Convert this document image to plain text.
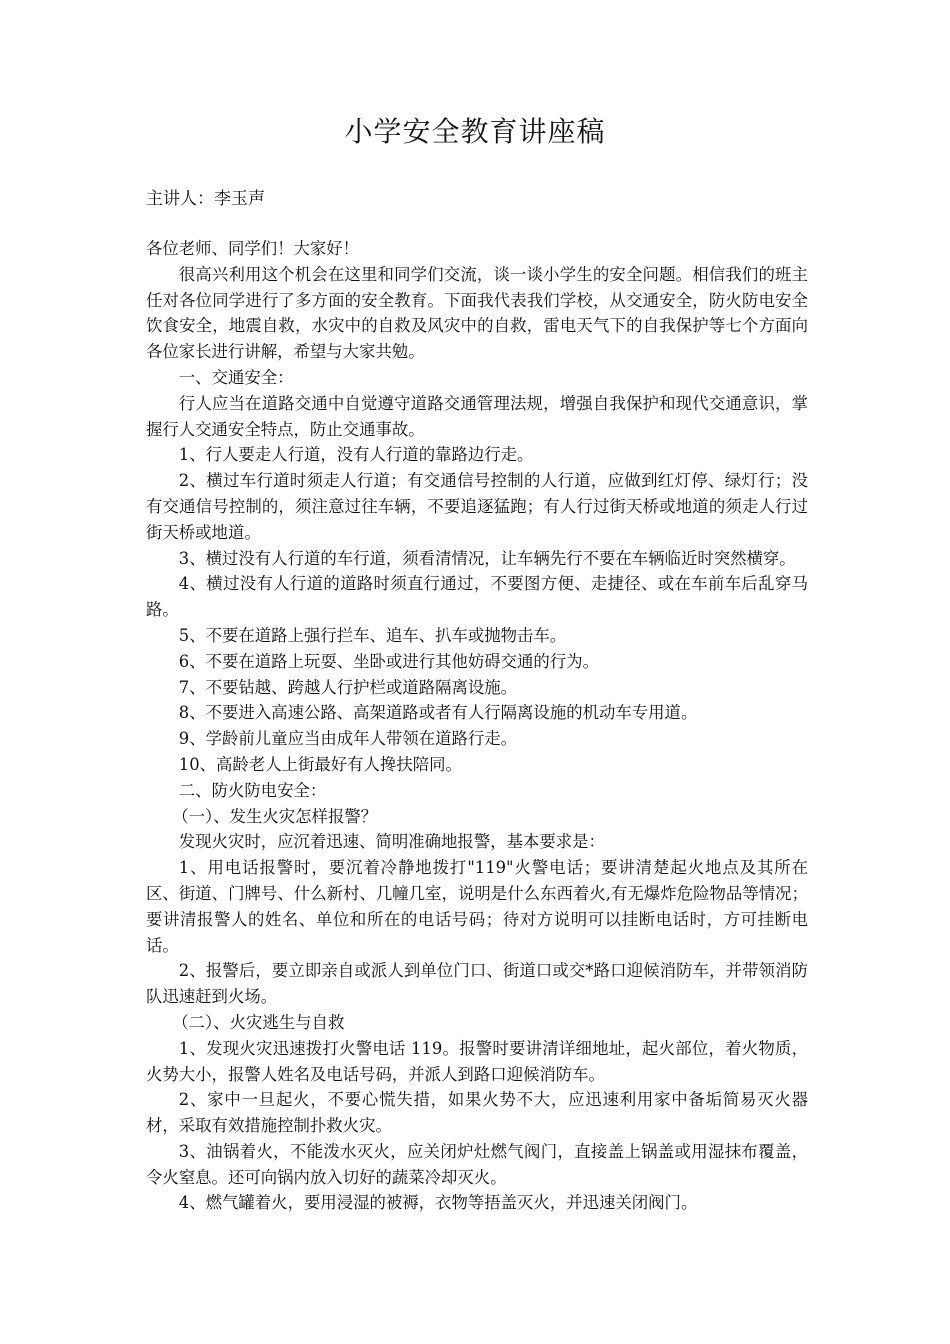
小学安全教育讲座稿
主讲人：李玉声

各位老师、同学们！大家好！

很高兴利用这个机会在这里和同学们交流，谈一谈小学生的安全问题。相信我们的班主任对各位同学进行了多方面的安全教育。下面我代表我们学校，从交通安全，防火防电安全饮食安全，地震自救，水灾中的自救及风灾中的自救，雷电天气下的自我保护等七个方面向各位家长进行讲解，希望与大家共勉。

一、交通安全：

行人应当在道路交通中自觉遵守道路交通管理法规，增强自我保护和现代交通意识，掌握行人交通安全特点，防止交通事故。

1、行人要走人行道，没有人行道的靠路边行走。

2、横过车行道时须走人行道；有交通信号控制的人行道，应做到红灯停、绿灯行；没有交通信号控制的，须注意过往车辆，不要追逐猛跑；有人行过街天桥或地道的须走人行过街天桥或地道。

3、横过没有人行道的车行道，须看清情况，让车辆先行不要在车辆临近时突然横穿。

4、横过没有人行道的道路时须直行通过，不要图方便、走捷径、或在车前车后乱穿马路。

5、不要在道路上强行拦车、追车、扒车或抛物击车。

6、不要在道路上玩耍、坐卧或进行其他妨碍交通的行为。

7、不要钻越、跨越人行护栏或道路隔离设施。

8、不要进入高速公路、高架道路或者有人行隔离设施的机动车专用道。

9、学龄前儿童应当由成年人带领在道路行走。

10、高龄老人上街最好有人搀扶陪同。

二、防火防电安全：

（一）、发生火灾怎样报警？

发现火灾时，应沉着迅速、简明准确地报警，基本要求是：

1、用电话报警时，要沉着冷静地拨打"119"火警电话；要讲清楚起火地点及其所在区、街道、门牌号、什么新村、几幢几室，说明是什么东西着火,有无爆炸危险物品等情况；要讲清报警人的姓名、单位和所在的电话号码；待对方说明可以挂断电话时，方可挂断电话。

2、报警后，要立即亲自或派人到单位门口、街道口或交*路口迎候消防车，并带领消防队迅速赶到火场。

（二）、火灾逃生与自救

1、发现火灾迅速拨打火警电话 119。报警时要讲清详细地址，起火部位，着火物质，火势大小，报警人姓名及电话号码，并派人到路口迎候消防车。

2、家中一旦起火，不要心慌失措，如果火势不大，应迅速利用家中备垢简易灭火器材，采取有效措施控制扑救火灾。

3、油锅着火，不能泼水灭火，应关闭炉灶燃气阀门，直接盖上锅盖或用湿抹布覆盖，令火窒息。还可向锅内放入切好的蔬菜冷却灭火。

4、燃气罐着火，要用浸湿的被褥，衣物等捂盖灭火，并迅速关闭阀门。
